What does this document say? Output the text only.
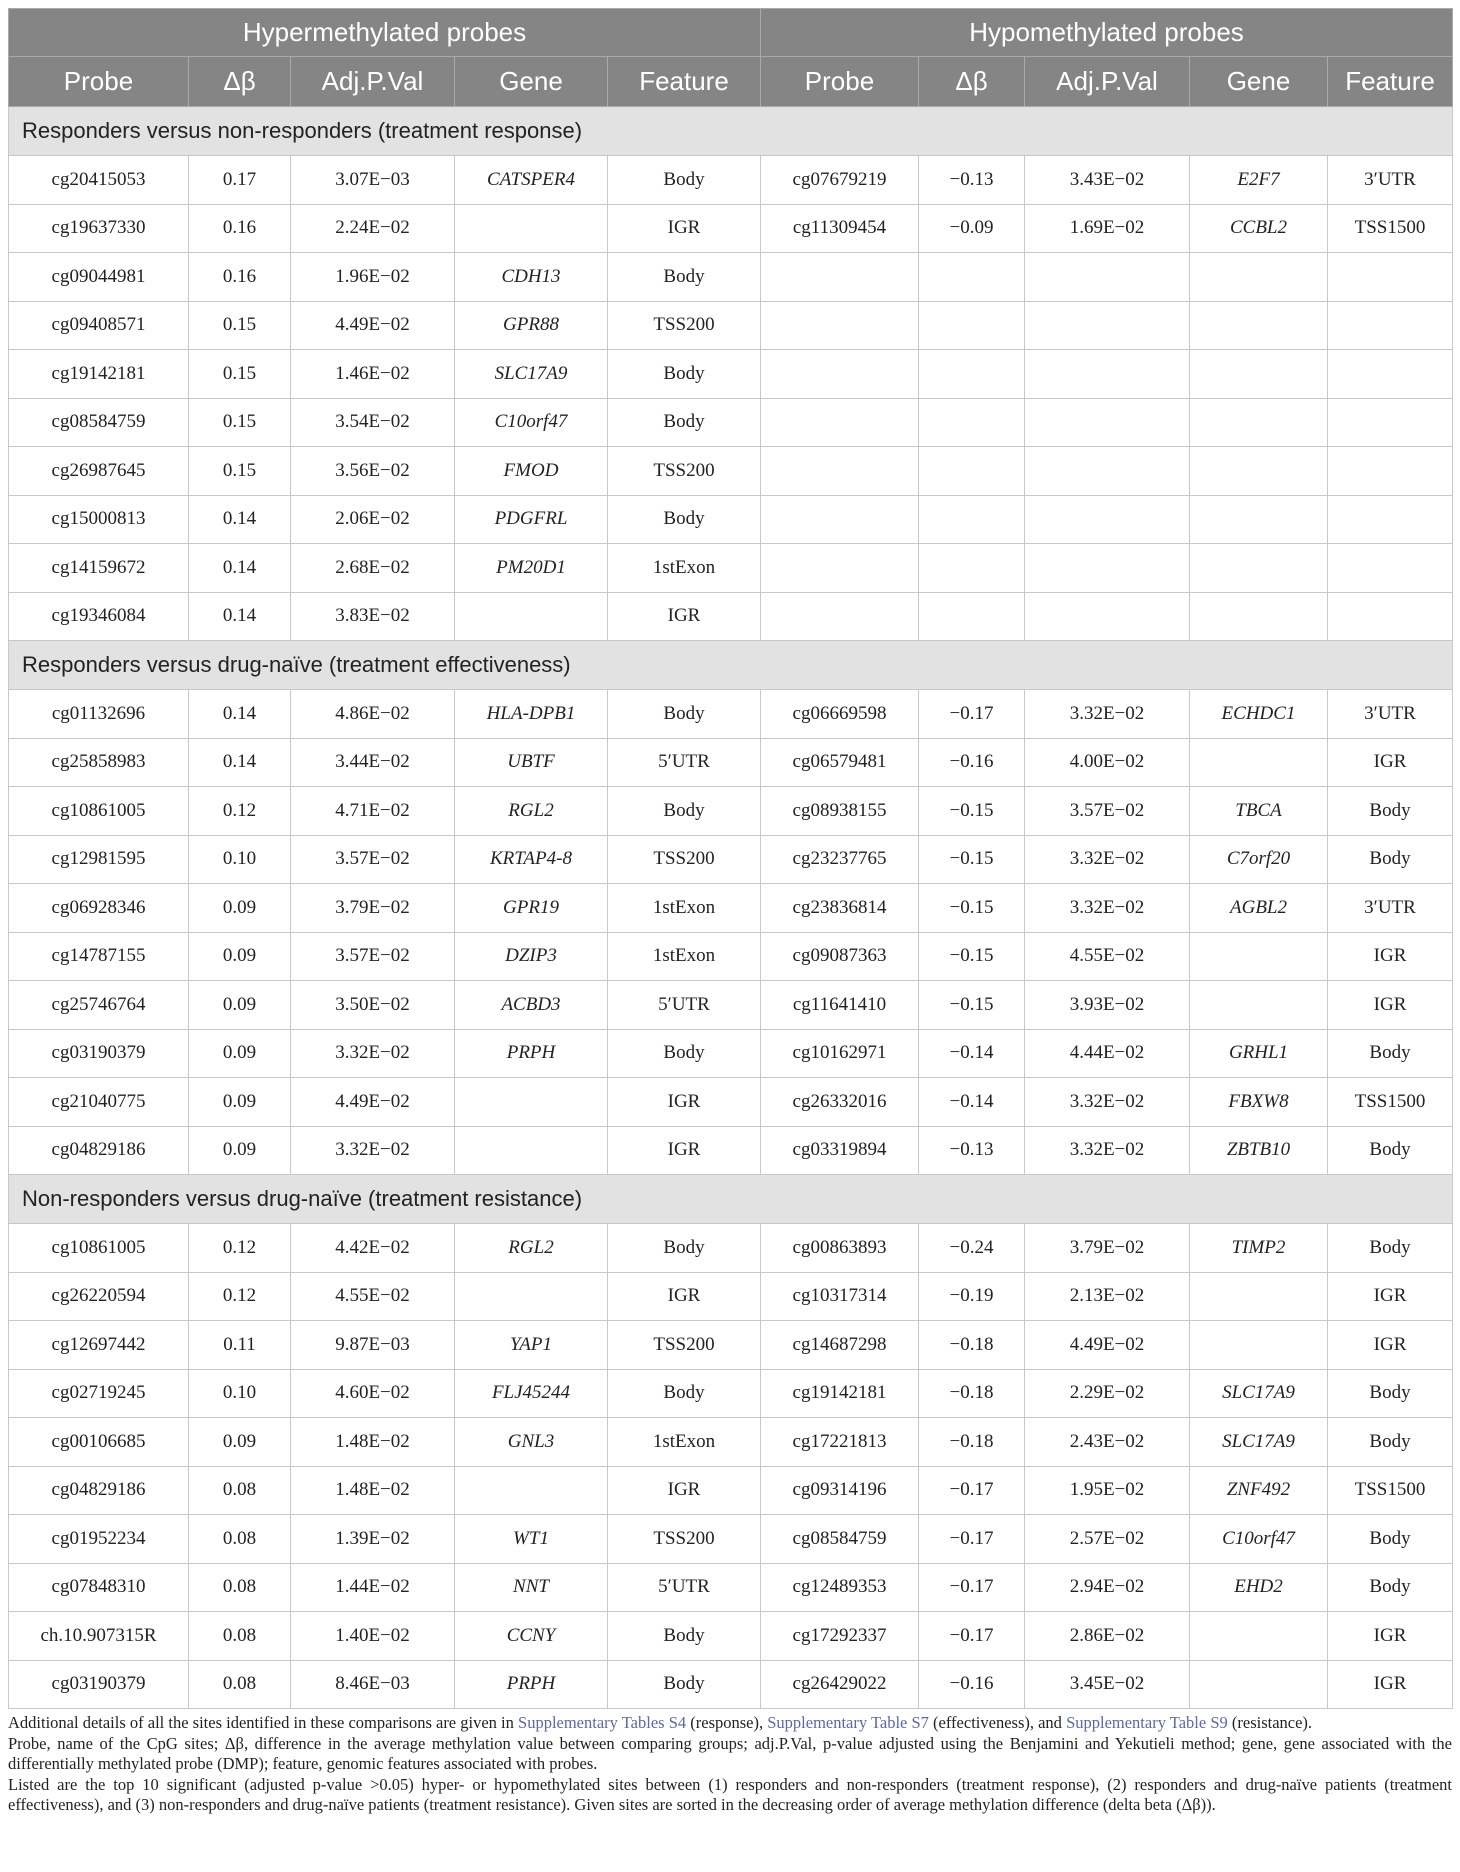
Hypermethylated probes					Hypomethylated probes				
Probe	Δβ	Adj.P.Val	Gene	Feature	Probe	Δβ	Adj.P.Val	Gene	Feature
Responders versus non-responders (treatment response)									
cg20415053	0.17	3.07E−03	CATSPER4	Body	cg07679219	−0.13	3.43E−02	E2F7	3′UTR
cg19637330	0.16	2.24E−02		IGR	cg11309454	−0.09	1.69E−02	CCBL2	TSS1500
cg09044981	0.16	1.96E−02	CDH13	Body					
cg09408571	0.15	4.49E−02	GPR88	TSS200					
cg19142181	0.15	1.46E−02	SLC17A9	Body					
cg08584759	0.15	3.54E−02	C10orf47	Body					
cg26987645	0.15	3.56E−02	FMOD	TSS200					
cg15000813	0.14	2.06E−02	PDGFRL	Body					
cg14159672	0.14	2.68E−02	PM20D1	1stExon					
cg19346084	0.14	3.83E−02		IGR					
Responders versus drug-naïve (treatment effectiveness)									
cg01132696	0.14	4.86E−02	HLA-DPB1	Body	cg06669598	−0.17	3.32E−02	ECHDC1	3′UTR
cg25858983	0.14	3.44E−02	UBTF	5′UTR	cg06579481	−0.16	4.00E−02		IGR
cg10861005	0.12	4.71E−02	RGL2	Body	cg08938155	−0.15	3.57E−02	TBCA	Body
cg12981595	0.10	3.57E−02	KRTAP4-8	TSS200	cg23237765	−0.15	3.32E−02	C7orf20	Body
cg06928346	0.09	3.79E−02	GPR19	1stExon	cg23836814	−0.15	3.32E−02	AGBL2	3′UTR
cg14787155	0.09	3.57E−02	DZIP3	1stExon	cg09087363	−0.15	4.55E−02		IGR
cg25746764	0.09	3.50E−02	ACBD3	5′UTR	cg11641410	−0.15	3.93E−02		IGR
cg03190379	0.09	3.32E−02	PRPH	Body	cg10162971	−0.14	4.44E−02	GRHL1	Body
cg21040775	0.09	4.49E−02		IGR	cg26332016	−0.14	3.32E−02	FBXW8	TSS1500
cg04829186	0.09	3.32E−02		IGR	cg03319894	−0.13	3.32E−02	ZBTB10	Body
Non-responders versus drug-naïve (treatment resistance)									
cg10861005	0.12	4.42E−02	RGL2	Body	cg00863893	−0.24	3.79E−02	TIMP2	Body
cg26220594	0.12	4.55E−02		IGR	cg10317314	−0.19	2.13E−02		IGR
cg12697442	0.11	9.87E−03	YAP1	TSS200	cg14687298	−0.18	4.49E−02		IGR
cg02719245	0.10	4.60E−02	FLJ45244	Body	cg19142181	−0.18	2.29E−02	SLC17A9	Body
cg00106685	0.09	1.48E−02	GNL3	1stExon	cg17221813	−0.18	2.43E−02	SLC17A9	Body
cg04829186	0.08	1.48E−02		IGR	cg09314196	−0.17	1.95E−02	ZNF492	TSS1500
cg01952234	0.08	1.39E−02	WT1	TSS200	cg08584759	−0.17	2.57E−02	C10orf47	Body
cg07848310	0.08	1.44E−02	NNT	5′UTR	cg12489353	−0.17	2.94E−02	EHD2	Body
ch.10.907315R	0.08	1.40E−02	CCNY	Body	cg17292337	−0.17	2.86E−02		IGR
cg03190379	0.08	8.46E−03	PRPH	Body	cg26429022	−0.16	3.45E−02		IGR

Additional details of all the sites identified in these comparisons are given in Supplementary Tables S4 (response), Supplementary Table S7 (effectiveness), and Supplementary Table S9 (resistance).

Probe, name of the CpG sites; Δβ, difference in the average methylation value between comparing groups; adj.P.Val, p-value adjusted using the Benjamini and Yekutieli method; gene, gene associated with the differentially methylated probe (DMP); feature, genomic features associated with probes.

Listed are the top 10 significant (adjusted p-value >0.05) hyper- or hypomethylated sites between (1) responders and non-responders (treatment response), (2) responders and drug-naïve patients (treatment effectiveness), and (3) non-responders and drug-naïve patients (treatment resistance). Given sites are sorted in the decreasing order of average methylation difference (delta beta (Δβ)).
